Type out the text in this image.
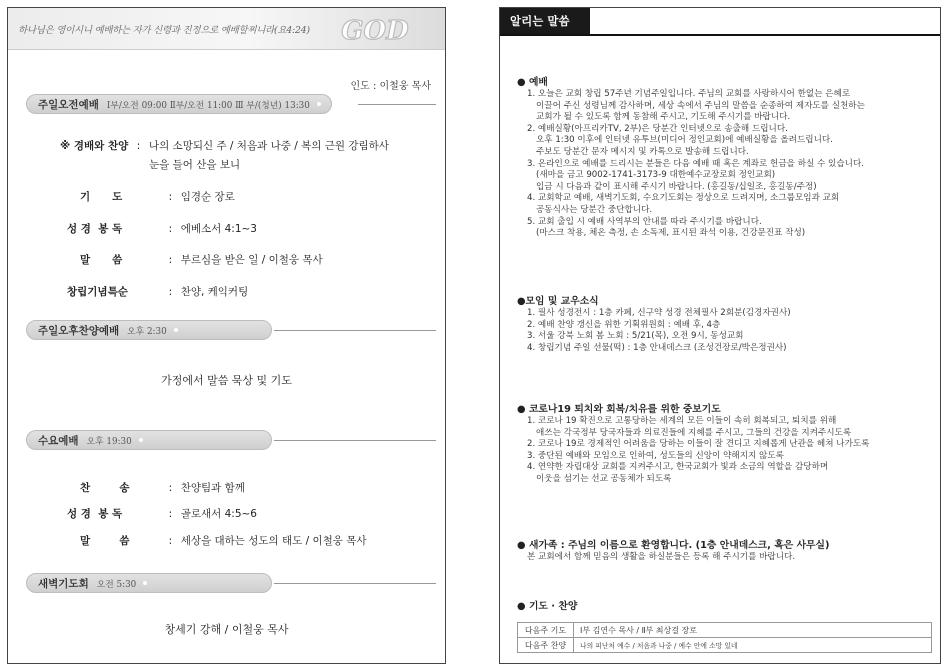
하나님은 영이시니 예배하는 자가 신령과 진정으로 예배할찌니라(요4:24) GOD
인도 : 이철웅 목사
주일오전예배 Ⅰ부/오전 09:00 Ⅱ부/오전 11:00 Ⅲ 부/(청년) 13:30
※ 경배와 찬양 : 나의 소망되신 주 / 처음과 나중 / 복의 근원 강림하사
눈을 들어 산을 보니
기      도	: 임경순 장로
성 경  봉 독	: 에베소서 4:1~3
말      씀	: 부르심을 받은 일 / 이철웅 목사
창립기념특순	: 찬양, 케익커팅
주일오후찬양예배 오후 2:30
가정에서 말씀 묵상 및 기도
수요예배 오후 19:30
찬        송	: 찬양팀과 함께
성 경  봉 독	: 골로새서 4:5~6
말        씀	: 세상을 대하는 성도의 태도 / 이철웅 목사
새벽기도회 오전 5:30
창세기 강해 / 이철웅 목사
알리는 말씀
● 예배
1. 오늘은 교회 창립 57주년 기념주일입니다. 주님의 교회를 사랑하시어 한없는 은혜로
이끌어 주신 성령님께 감사하며, 세상 속에서 주님의 말씀을 순종하여 제자도를 실천하는
교회가 될 수 있도록 함께 동참해 주시고, 기도해 주시기를 바랍니다.
2. 예배실황(아프리카TV, 2부)은 당분간 인터넷으로 송출해 드립니다.
오후 1:30 이후에 인터넷 유투브(미디어 정인교회)에 예배실황을 올려드립니다.
주보도 당분간 문자 메시지 및 카톡으로 발송해 드립니다.
3. 온라인으로 예배를 드리시는 분들은 다음 예배 때 혹은 계좌로 헌금을 하실 수 있습니다.
(새마을 금고 9002-1741-3173-9 대한예수교장로회 정인교회)
입금 시 다음과 같이 표시해 주시기 바랍니다. (홍길동/십일조, 홍길동/주정)
4. 교회학교 예배, 새벽기도회, 수요기도회는 정상으로 드려지며, 소그룹모임과 교회
공동식사는 당분간 중단합니다.
5. 교회 출입 시 예배 사역부의 안내를 따라 주시기를 바랍니다.
(마스크 착용, 체온 측정, 손 소독제, 표시된 좌석 이용, 건강문진표 작성)
●모임 및 교우소식
1. 필사 성경전시 : 1층 카페, 신구약 성경 전체필사 2회분(김경자권사)
2. 예배 찬양 갱신을 위한 기획위원회 : 예배 후, 4층
3. 서울 강북 노회 봄 노회 : 5/21(목), 오전 9시, 동성교회
4. 창립기념 주일 선물(떡) : 1층 안내데스크 (조성건장로/박은정권사)
● 코로나19 퇴치와 회복/치유를 위한 중보기도
1. 코로나 19 확진으로 고통당하는 세계의 모든 이들이 속히 회복되고, 퇴치를 위해
애쓰는 각국정부 당국자들과 의료진들에 지혜를 주시고, 그들의 건강을 지켜주시도록
2. 코로나 19로 경제적인 어려움을 당하는 이들이 잘 견디고 지혜롭게 난관을 헤쳐 나가도록
3. 중단된 예배와 모임으로 인하여, 성도들의 신앙이 약해지지 않도록
4. 연약한 자립대상 교회를 지켜주시고, 한국교회가 빛과 소금의 역할을 감당하며
이웃을 섬기는 선교 공동체가 되도록
● 새가족 : 주님의 이름으로 환영합니다. (1층 안내데스크, 혹은 사무실)
본 교회에서 함께 믿음의 생활을 하실분들은 등록 해 주시기를 바랍니다.
● 기도 · 찬양
다음주 기도	Ⅰ부 김연수 목사 / Ⅱ부 최상걸 장로
다음주 찬양	나의 피난처 예수 / 처음과 나중 / 예수 안에 소망 있네
